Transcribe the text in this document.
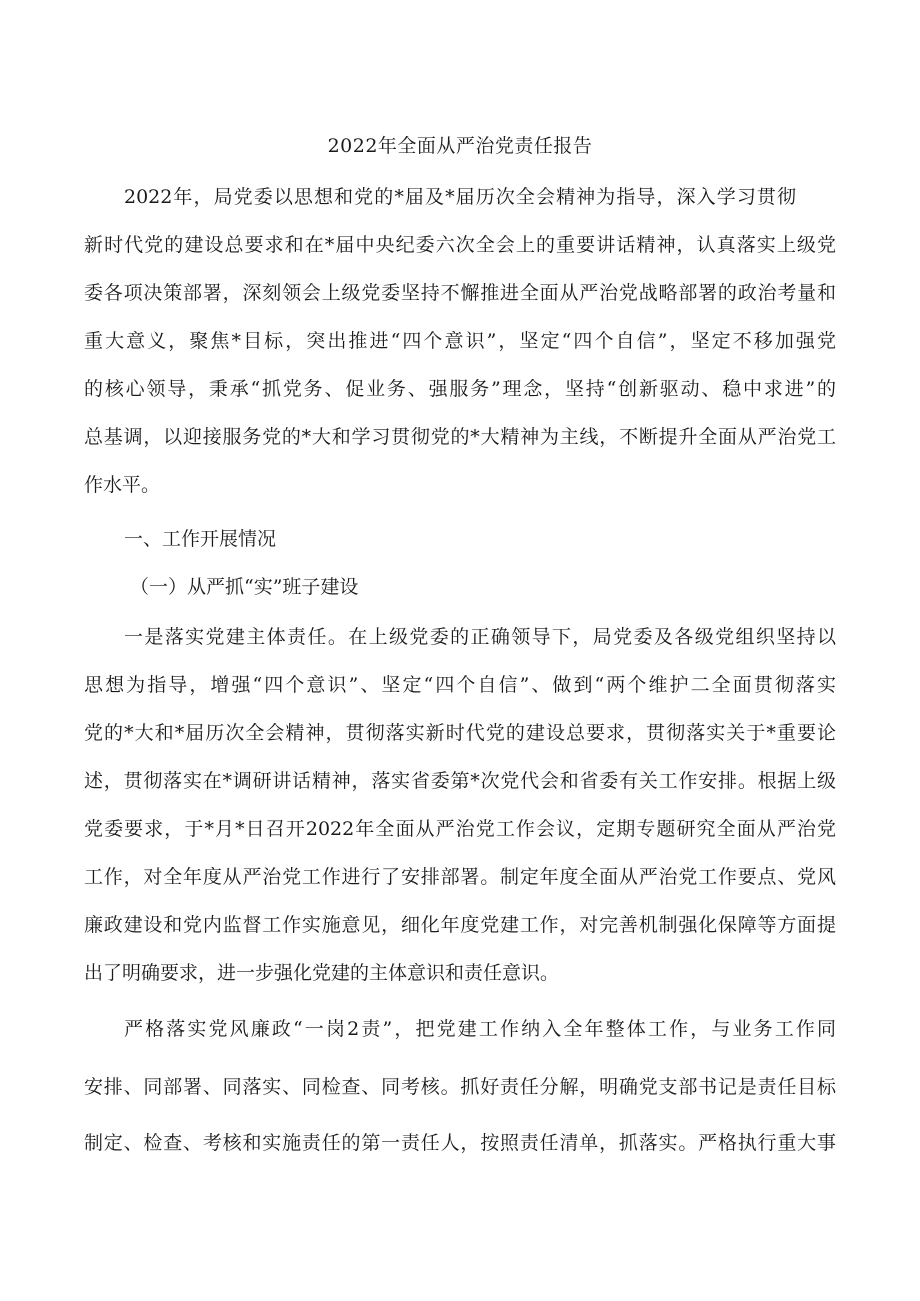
2022年全面从严治党责任报告
2022年，局党委以思想和党的*届及*届历次全会精神为指导，深入学习贯彻
新时代党的建设总要求和在*届中央纪委六次全会上的重要讲话精神，认真落实上级党
委各项决策部署，深刻领会上级党委坚持不懈推进全面从严治党战略部署的政治考量和
重大意义，聚焦*目标，突出推进“四个意识”，坚定“四个自信”，坚定不移加强党
的核心领导，秉承“抓党务、促业务、强服务”理念，坚持“创新驱动、稳中求进”的
总基调，以迎接服务党的*大和学习贯彻党的*大精神为主线，不断提升全面从严治党工
作水平。
一、工作开展情况
（一）从严抓“实”班子建设
一是落实党建主体责任。在上级党委的正确领导下，局党委及各级党组织坚持以
思想为指导，增强“四个意识”、坚定“四个自信”、做到“两个维护二全面贯彻落实
党的*大和*届历次全会精神，贯彻落实新时代党的建设总要求，贯彻落实关于*重要论
述，贯彻落实在*调研讲话精神，落实省委第*次党代会和省委有关工作安排。根据上级
党委要求，于*月*日召开2022年全面从严治党工作会议，定期专题研究全面从严治党
工作，对全年度从严治党工作进行了安排部署。制定年度全面从严治党工作要点、党风
廉政建设和党内监督工作实施意见，细化年度党建工作，对完善机制强化保障等方面提
出了明确要求，进一步强化党建的主体意识和责任意识。
严格落实党风廉政“一岗2责”，把党建工作纳入全年整体工作，与业务工作同
安排、同部署、同落实、同检查、同考核。抓好责任分解，明确党支部书记是责任目标
制定、检查、考核和实施责任的第一责任人，按照责任清单，抓落实。严格执行重大事
